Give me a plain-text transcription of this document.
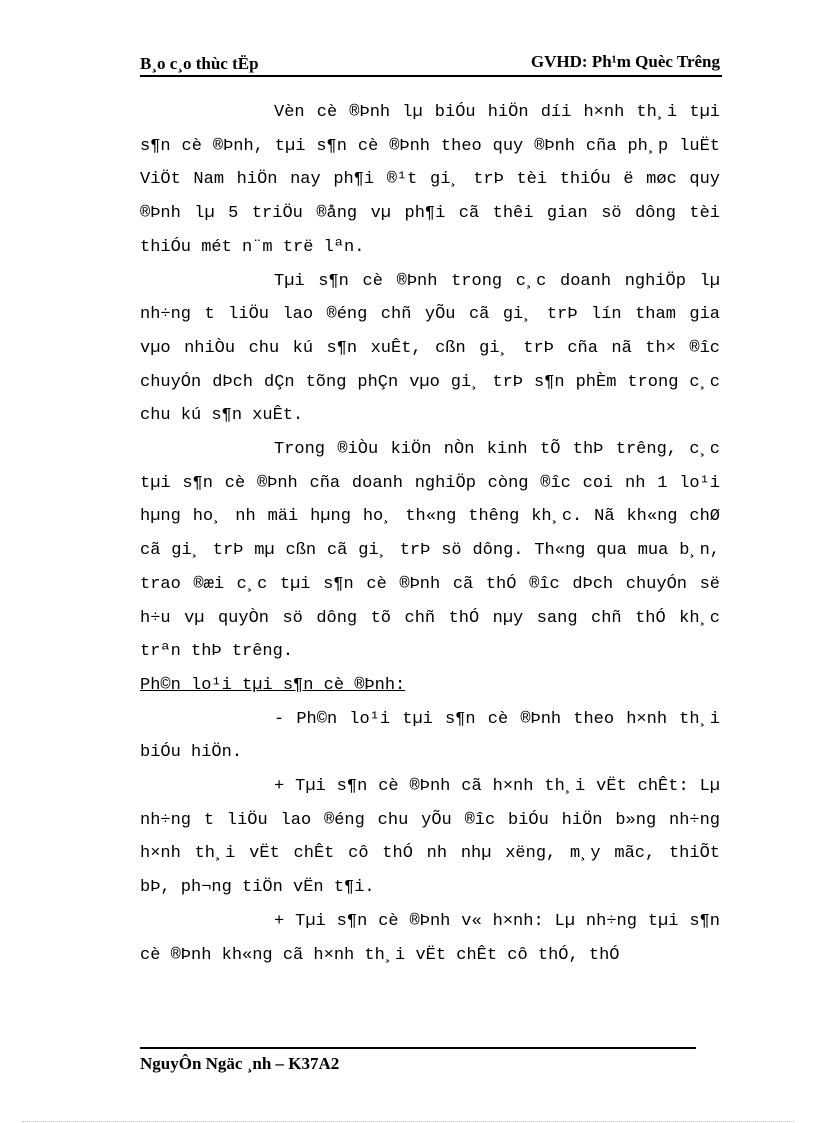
B¸o c¸o thùc tËp	GVHD: Ph¹m Quèc Trêng

Vèn cè ®Þnh lµ biÓu hiÖn díi h×nh th¸i tµi s¶n cè ®Þnh, tµi s¶n cè ®Þnh theo quy ®Þnh cña ph¸p luËt ViÖt Nam hiÖn nay ph¶i ®¹t gi¸ trÞ tèi thiÓu ë møc quy ®Þnh lµ 5 triÖu ®ång vµ ph¶i cã thêi gian sö dông tèi thiÓu mét n¨m trë lªn.

Tµi s¶n cè ®Þnh trong c¸c doanh nghiÖp lµ nh÷ng t liÖu lao ®éng chñ yÕu cã gi¸ trÞ lín tham gia vµo nhiÒu chu kú s¶n xuÊt, cßn gi¸ trÞ cña nã th× ®îc chuyÓn dÞch dÇn tõng phÇn vµo gi¸ trÞ s¶n phÈm trong c¸c chu kú s¶n xuÊt.

Trong ®iÒu kiÖn nÒn kinh tÕ thÞ trêng, c¸c tµi s¶n cè ®Þnh cña doanh nghiÖp còng ®îc coi nh 1 lo¹i hµng ho¸ nh mäi hµng ho¸ th«ng thêng kh¸c. Nã kh«ng chØ cã gi¸ trÞ mµ cßn cã gi¸ trÞ sö dông. Th«ng qua mua b¸n, trao ®æi c¸c tµi s¶n cè ®Þnh cã thÓ ®îc dÞch chuyÓn së h÷u vµ quyÒn sö dông tõ chñ thÓ nµy sang chñ thÓ kh¸c trªn thÞ trêng.

Ph©n lo¹i tµi s¶n cè ®Þnh:

- Ph©n lo¹i tµi s¶n cè ®Þnh theo h×nh th¸i biÓu hiÖn.

+ Tµi s¶n cè ®Þnh cã h×nh th¸i vËt chÊt: Lµ nh÷ng t liÖu lao ®éng chu yÕu ®îc biÓu hiÖn b»ng nh÷ng h×nh th¸i vËt chÊt cô thÓ nh nhµ xëng, m¸y mãc, thiÕt bÞ, ph¬ng tiÖn vËn t¶i.

+ Tµi s¶n cè ®Þnh v« h×nh: Lµ nh÷ng tµi s¶n cè ®Þnh kh«ng cã h×nh th¸i vËt chÊt cô thÓ, thÓ

NguyÔn Ngäc ¸nh – K37A2
